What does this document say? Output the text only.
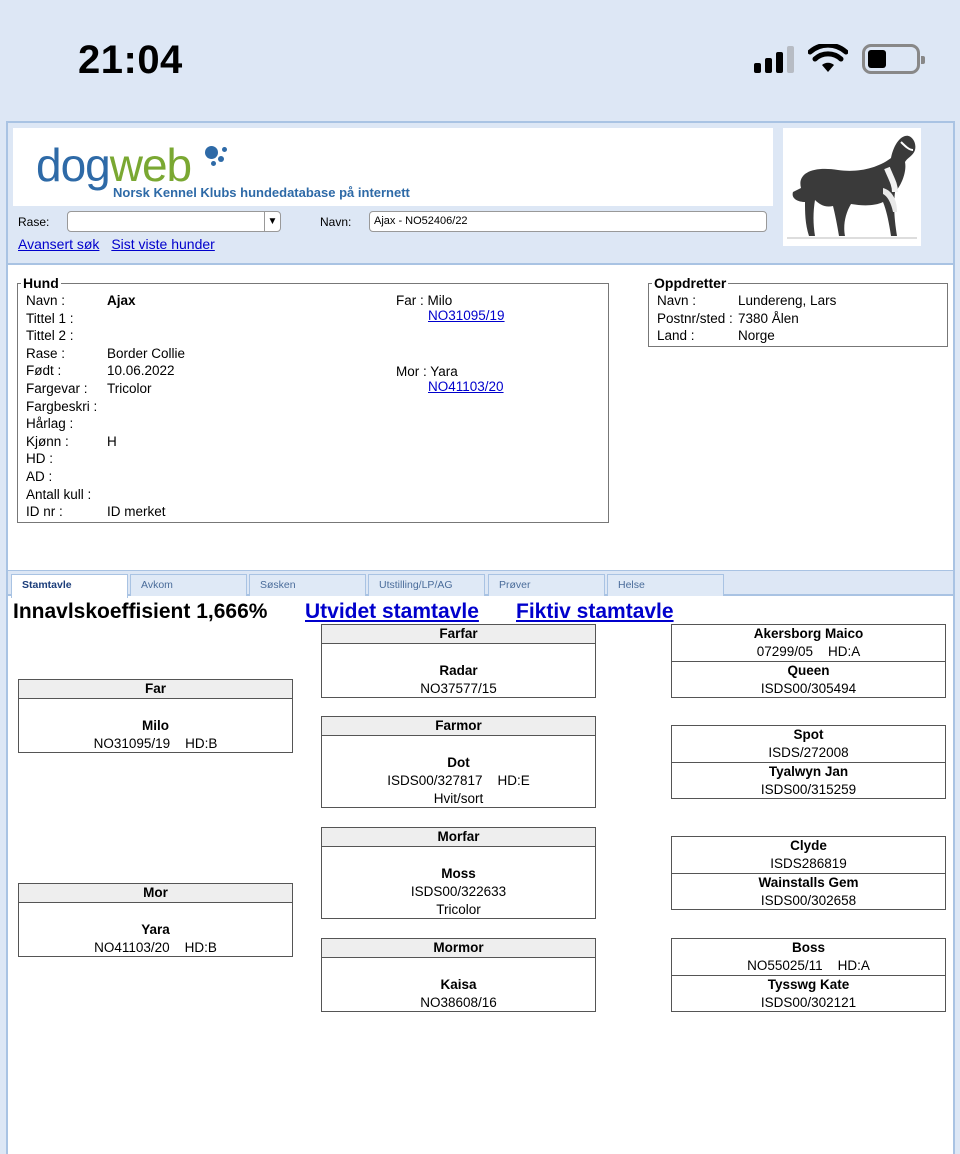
21:04
dogweb
Norsk Kennel Klubs hundedatabase på internett
Rase:	▼	Navn:	Ajax - NO52406/22
Avansert søk Sist viste hunder
Hund
Navn :	Ajax
Tittel 1 :
Tittel 2 :
Rase :	Border Collie
Født :	10.06.2022
Fargevar : Tricolor
Fargbeskri :
Hårlag :
Kjønn :	H
HD :
AD :
Antall kull :
ID nr :	ID merket
Far : Milo
NO31095/19
Mor : Yara
NO41103/20
Oppdretter
Navn :	Lundereng, Lars
Postnr/sted : 7380 Ålen
Land :	Norge
Stamtavle	Avkom	Søsken	Utstilling/LP/AG	Prøver	Helse
Innavlskoeffisient 1,666% Utvidet stamtavle Fiktiv stamtavle
Far
Milo
NO31095/19    HD:B
Mor
Yara
NO41103/20    HD:B
Farfar
Radar
NO37577/15
Farmor
Dot
ISDS00/327817    HD:E
Hvit/sort
Morfar
Moss
ISDS00/322633
Tricolor
Mormor
Kaisa
NO38608/16
Akersborg Maico
07299/05    HD:A
Queen
ISDS00/305494
Spot
ISDS/272008
Tyalwyn Jan
ISDS00/315259
Clyde
ISDS286819
Wainstalls Gem
ISDS00/302658
Boss
NO55025/11    HD:A
Tysswg Kate
ISDS00/302121
